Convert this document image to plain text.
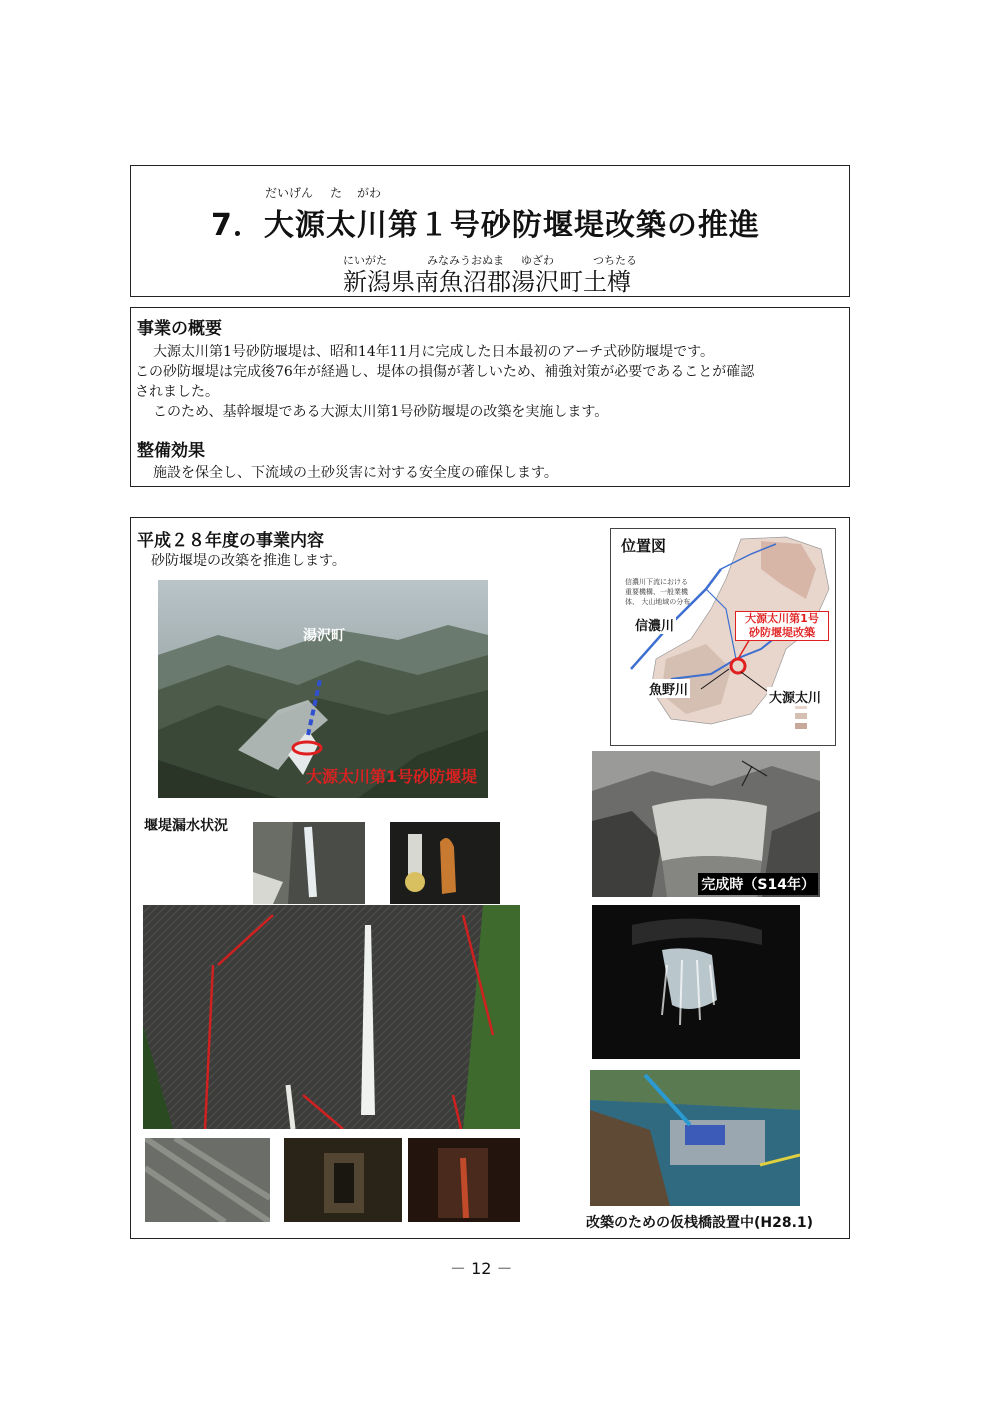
だいげん た がわ
7．大源太川第１号砂防堰堤改築の推進
にいがた	みなみうおぬま ゆざわ	つちたる
新潟県南魚沼郡湯沢町土樽
事業の概要
大源太川第1号砂防堰堤は、昭和14年11月に完成した日本最初のアーチ式砂防堰堤です。
この砂防堰堤は完成後76年が経過し、堤体の損傷が著しいため、補強対策が必要であることが確認
されました。
このため、基幹堰堤である大源太川第1号砂防堰堤の改築を実施します。
整備効果
施設を保全し、下流域の土砂災害に対する安全度の確保します。
平成２８年度の事業内容
砂防堰堤の改築を推進します。
湯沢町
大源太川第1号砂防堰堤
位置図
信濃川下流における 重要機構、一般業機体、 大山地域の分布
信濃川
大源太川第1号
砂防堰堤改築
魚野川
大源太川
完成時（S14年）
改築のための仮桟橋設置中(H28.1)
堰堤漏水状況
－ 12 －
